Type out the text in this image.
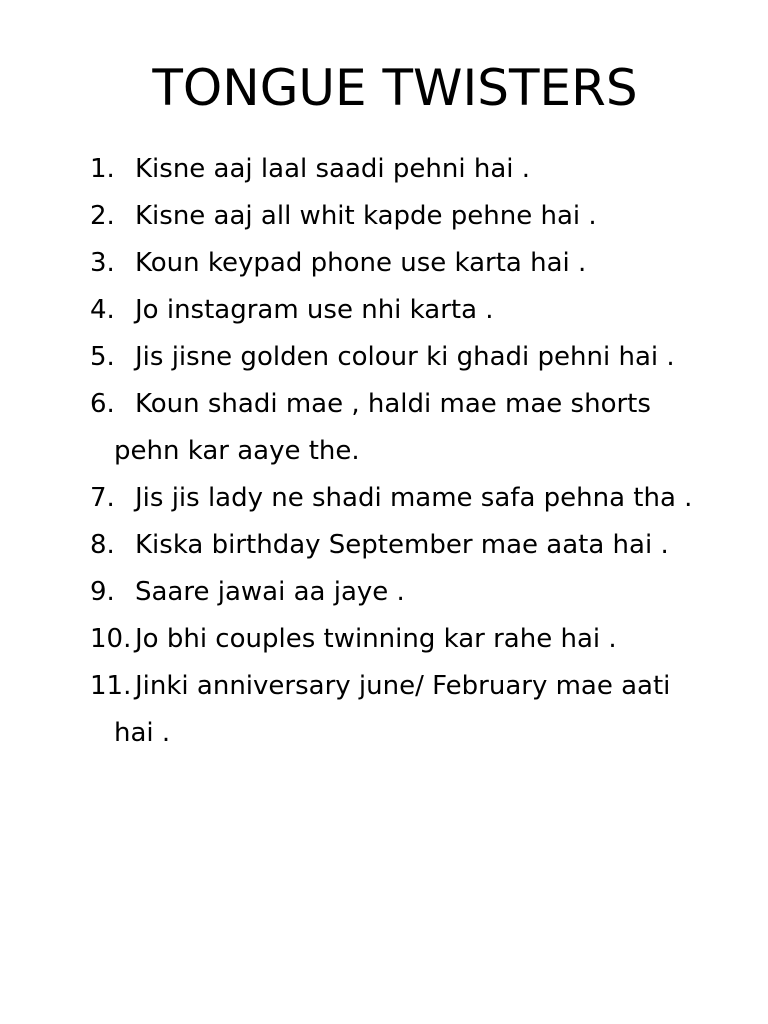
TONGUE TWISTERS
1. Kisne aaj laal saadi pehni hai .
2. Kisne aaj all whit kapde pehne hai .
3. Koun keypad phone use karta hai .
4. Jo instagram use nhi karta .
5. Jis jisne golden colour ki ghadi pehni hai .
6. Koun shadi mae , haldi mae mae shorts
pehn kar aaye the.
7. Jis jis lady ne shadi mame safa pehna tha .
8. Kiska birthday September mae aata hai .
9. Saare jawai aa jaye .
10. Jo bhi couples twinning kar rahe hai .
11. Jinki anniversary june/ February mae aati
hai .
